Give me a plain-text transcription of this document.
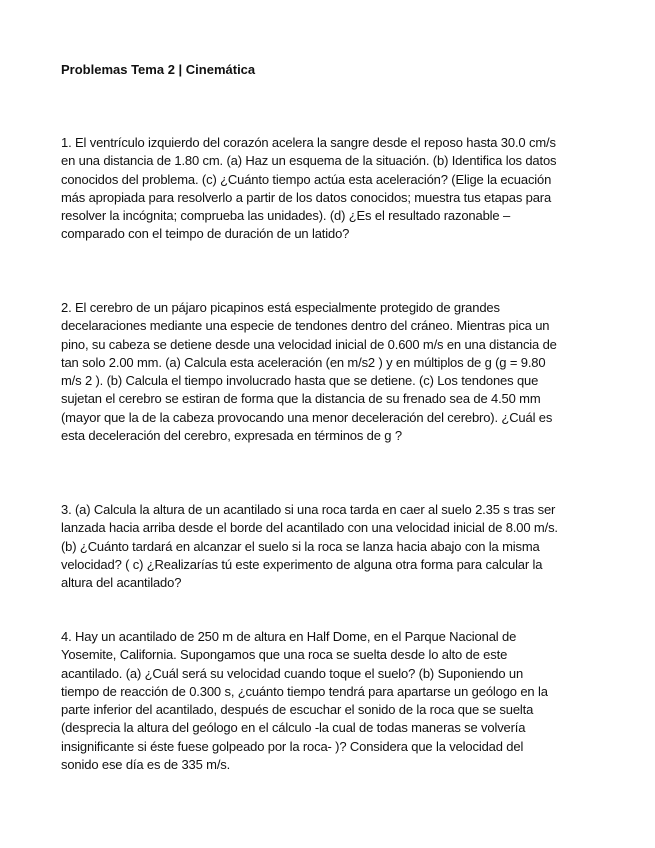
Problemas Tema 2 | Cinemática

1. El ventrículo izquierdo del corazón acelera la sangre desde el reposo hasta 30.0 cm/s en una distancia de 1.80 cm. (a) Haz un esquema de la situación. (b) Identifica los datos conocidos del problema. (c) ¿Cuánto tiempo actúa esta aceleración? (Elige la ecuación más apropiada para resolverlo a partir de los datos conocidos; muestra tus etapas para resolver la incógnita; comprueba las unidades). (d) ¿Es el resultado razonable –comparado con el teimpo de duración de un latido?

2. El cerebro de un pájaro picapinos está especialmente protegido de grandes decelaraciones mediante una especie de tendones dentro del cráneo. Mientras pica un pino, su cabeza se detiene desde una velocidad inicial de 0.600 m/s en una distancia de tan solo 2.00 mm. (a) Calcula esta aceleración (en m/s2 ) y en múltiplos de g (g = 9.80 m/s 2 ). (b) Calcula el tiempo involucrado hasta que se detiene. (c) Los tendones que sujetan el cerebro se estiran de forma que la distancia de su frenado sea de 4.50 mm (mayor que la de la cabeza provocando una menor deceleración del cerebro). ¿Cuál es esta deceleración del cerebro, expresada en términos de g ?

3. (a) Calcula la altura de un acantilado si una roca tarda en caer al suelo 2.35 s tras ser lanzada hacia arriba desde el borde del acantilado con una velocidad inicial de 8.00 m/s. (b) ¿Cuánto tardará en alcanzar el suelo si la roca se lanza hacia abajo con la misma velocidad? ( c) ¿Realizarías tú este experimento de alguna otra forma para calcular la altura del acantilado?

4. Hay un acantilado de 250 m de altura en Half Dome, en el Parque Nacional de Yosemite, California. Supongamos que una roca se suelta desde lo alto de este acantilado. (a) ¿Cuál será su velocidad cuando toque el suelo? (b) Suponiendo un tiempo de reacción de 0.300 s, ¿cuánto tiempo tendrá para apartarse un geólogo en la parte inferior del acantilado, después de escuchar el sonido de la roca que se suelta (desprecia la altura del geólogo en el cálculo -la cual de todas maneras se volvería insignificante si éste fuese golpeado por la roca- )? Considera que la velocidad del sonido ese día es de 335 m/s.
